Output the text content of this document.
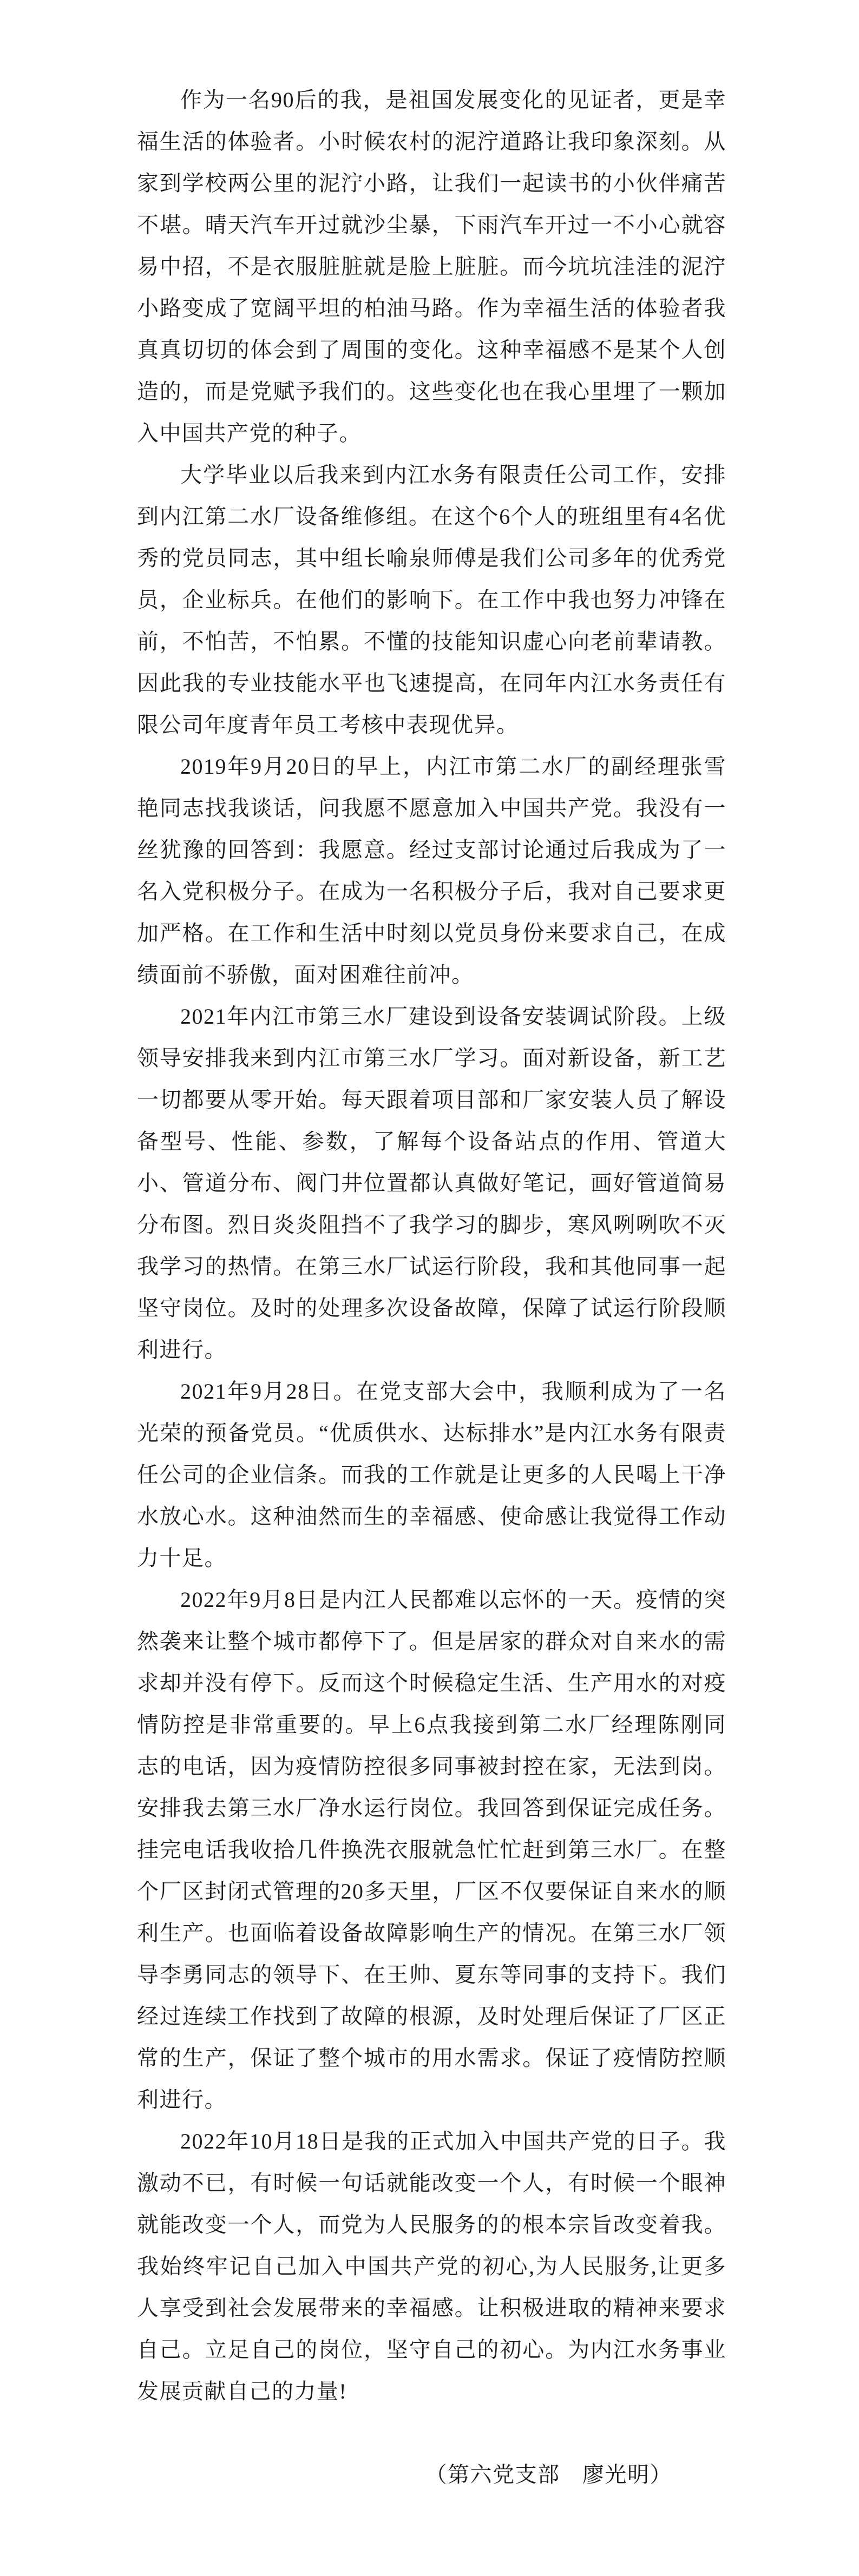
作为一名90后的我，是祖国发展变化的见证者，更是幸福生活的体验者。小时候农村的泥泞道路让我印象深刻。从家到学校两公里的泥泞小路，让我们一起读书的小伙伴痛苦不堪。晴天汽车开过就沙尘暴，下雨汽车开过一不小心就容易中招，不是衣服脏脏就是脸上脏脏。而今坑坑洼洼的泥泞小路变成了宽阔平坦的柏油马路。作为幸福生活的体验者我真真切切的体会到了周围的变化。这种幸福感不是某个人创造的，而是党赋予我们的。这些变化也在我心里埋了一颗加入中国共产党的种子。

大学毕业以后我来到内江水务有限责任公司工作，安排到内江第二水厂设备维修组。在这个6个人的班组里有4名优秀的党员同志，其中组长喻泉师傅是我们公司多年的优秀党员，企业标兵。在他们的影响下。在工作中我也努力冲锋在前，不怕苦，不怕累。不懂的技能知识虚心向老前辈请教。因此我的专业技能水平也飞速提高，在同年内江水务责任有限公司年度青年员工考核中表现优异。

2019年9月20日的早上，内江市第二水厂的副经理张雪艳同志找我谈话，问我愿不愿意加入中国共产党。我没有一丝犹豫的回答到：我愿意。经过支部讨论通过后我成为了一名入党积极分子。在成为一名积极分子后，我对自己要求更加严格。在工作和生活中时刻以党员身份来要求自己，在成绩面前不骄傲，面对困难往前冲。

2021年内江市第三水厂建设到设备安装调试阶段。上级领导安排我来到内江市第三水厂学习。面对新设备，新工艺一切都要从零开始。每天跟着项目部和厂家安装人员了解设备型号、性能、参数，了解每个设备站点的作用、管道大小、管道分布、阀门井位置都认真做好笔记，画好管道简易分布图。烈日炎炎阻挡不了我学习的脚步，寒风咧咧吹不灭我学习的热情。在第三水厂试运行阶段，我和其他同事一起坚守岗位。及时的处理多次设备故障，保障了试运行阶段顺利进行。

2021年9月28日。在党支部大会中，我顺利成为了一名光荣的预备党员。“优质供水、达标排水”是内江水务有限责任公司的企业信条。而我的工作就是让更多的人民喝上干净水放心水。这种油然而生的幸福感、使命感让我觉得工作动力十足。

2022年9月8日是内江人民都难以忘怀的一天。疫情的突然袭来让整个城市都停下了。但是居家的群众对自来水的需求却并没有停下。反而这个时候稳定生活、生产用水的对疫情防控是非常重要的。早上6点我接到第二水厂经理陈刚同志的电话，因为疫情防控很多同事被封控在家，无法到岗。安排我去第三水厂净水运行岗位。我回答到保证完成任务。挂完电话我收拾几件换洗衣服就急忙忙赶到第三水厂。在整个厂区封闭式管理的20多天里，厂区不仅要保证自来水的顺利生产。也面临着设备故障影响生产的情况。在第三水厂领导李勇同志的领导下、在王帅、夏东等同事的支持下。我们经过连续工作找到了故障的根源，及时处理后保证了厂区正常的生产，保证了整个城市的用水需求。保证了疫情防控顺利进行。

2022年10月18日是我的正式加入中国共产党的日子。我激动不已，有时候一句话就能改变一个人，有时候一个眼神就能改变一个人，而党为人民服务的的根本宗旨改变着我。我始终牢记自己加入中国共产党的初心,为人民服务,让更多人享受到社会发展带来的幸福感。让积极进取的精神来要求自己。立足自己的岗位，坚守自己的初心。为内江水务事业发展贡献自己的力量!

（第六党支部　廖光明）
